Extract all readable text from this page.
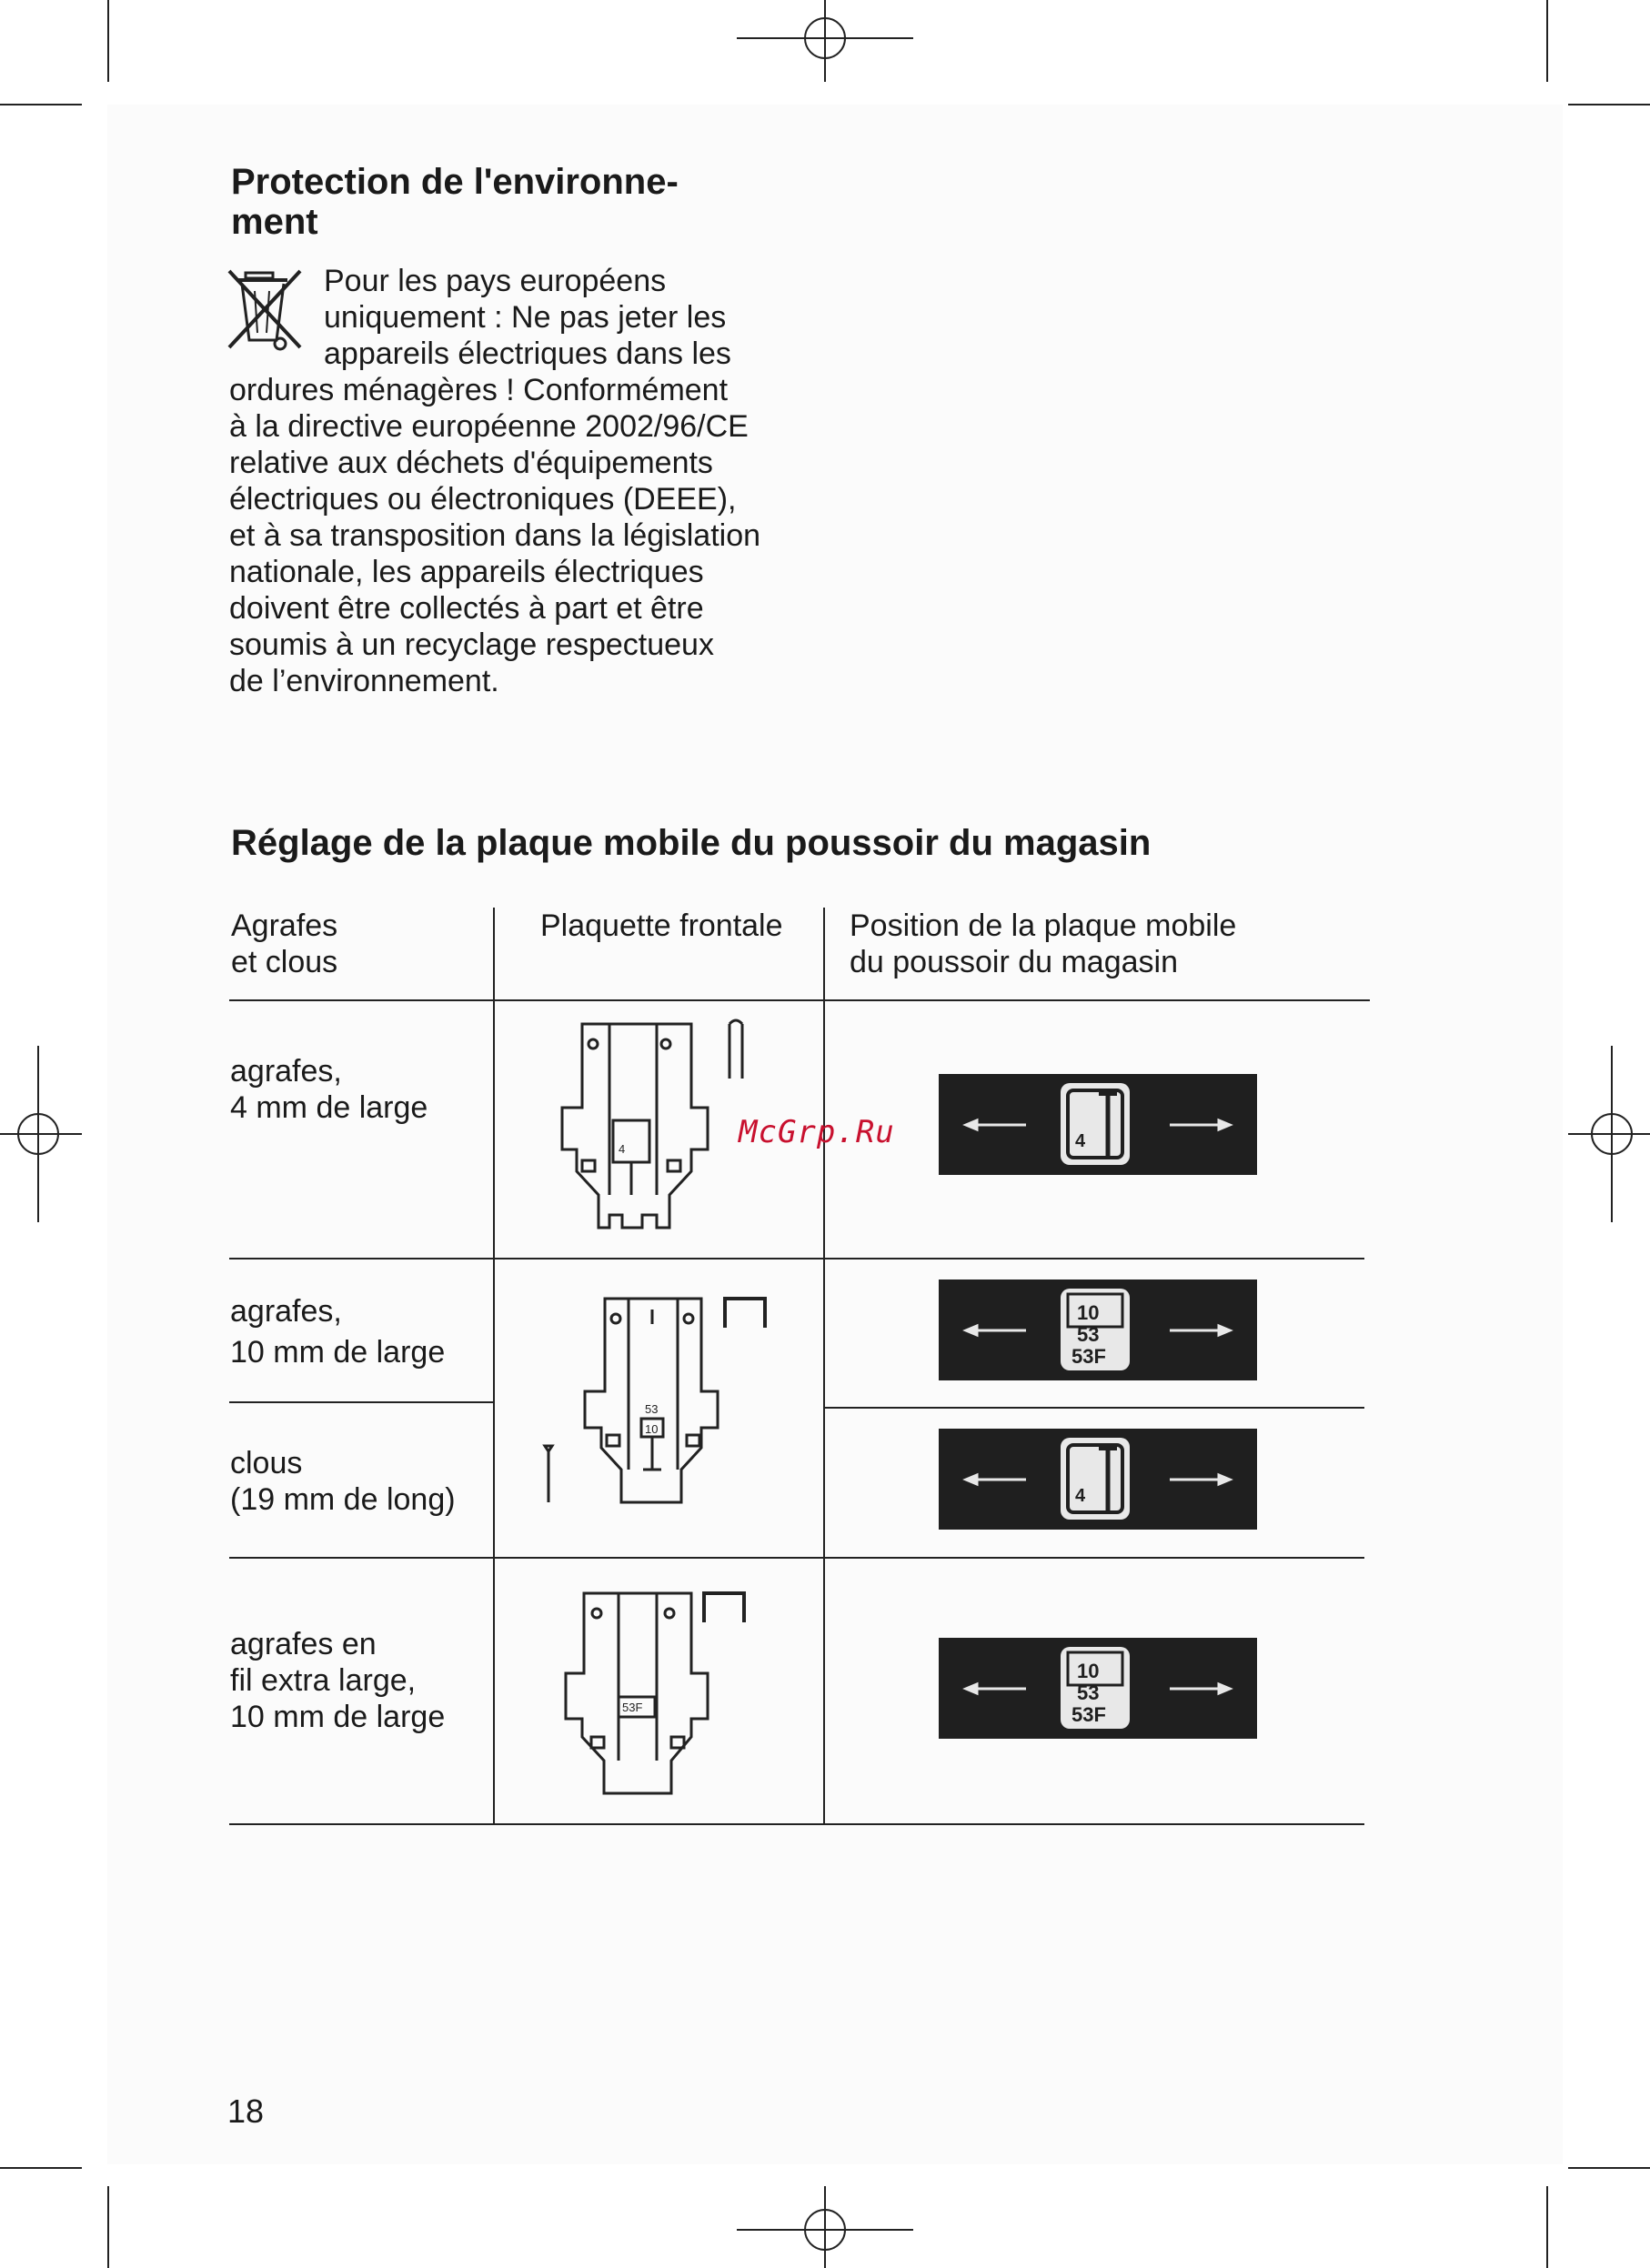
Protection de l'environne-
ment
Pour les pays européens
uniquement : Ne pas jeter les
appareils électriques dans les
ordures ménagères ! Conformément
à la directive européenne 2002/96/CE
relative aux déchets d'équipements
électriques ou électroniques (DEEE),
et à sa transposition dans la législation
nationale, les appareils électriques
doivent être collectés à part et être
soumis à un recyclage respectueux
de l’environnement.
Réglage de la plaque mobile du poussoir du magasin
Agrafes
et clous
Plaquette frontale Position de la plaque mobile
du poussoir du magasin
agrafes,
4 mm de large
agrafes,
10 mm de large
clous
(19 mm de long)
agrafes en
fil extra large,
10 mm de large
4
53
10
53F
4
10
53
53F
4
10
53
53F
McGrp.Ru
18
